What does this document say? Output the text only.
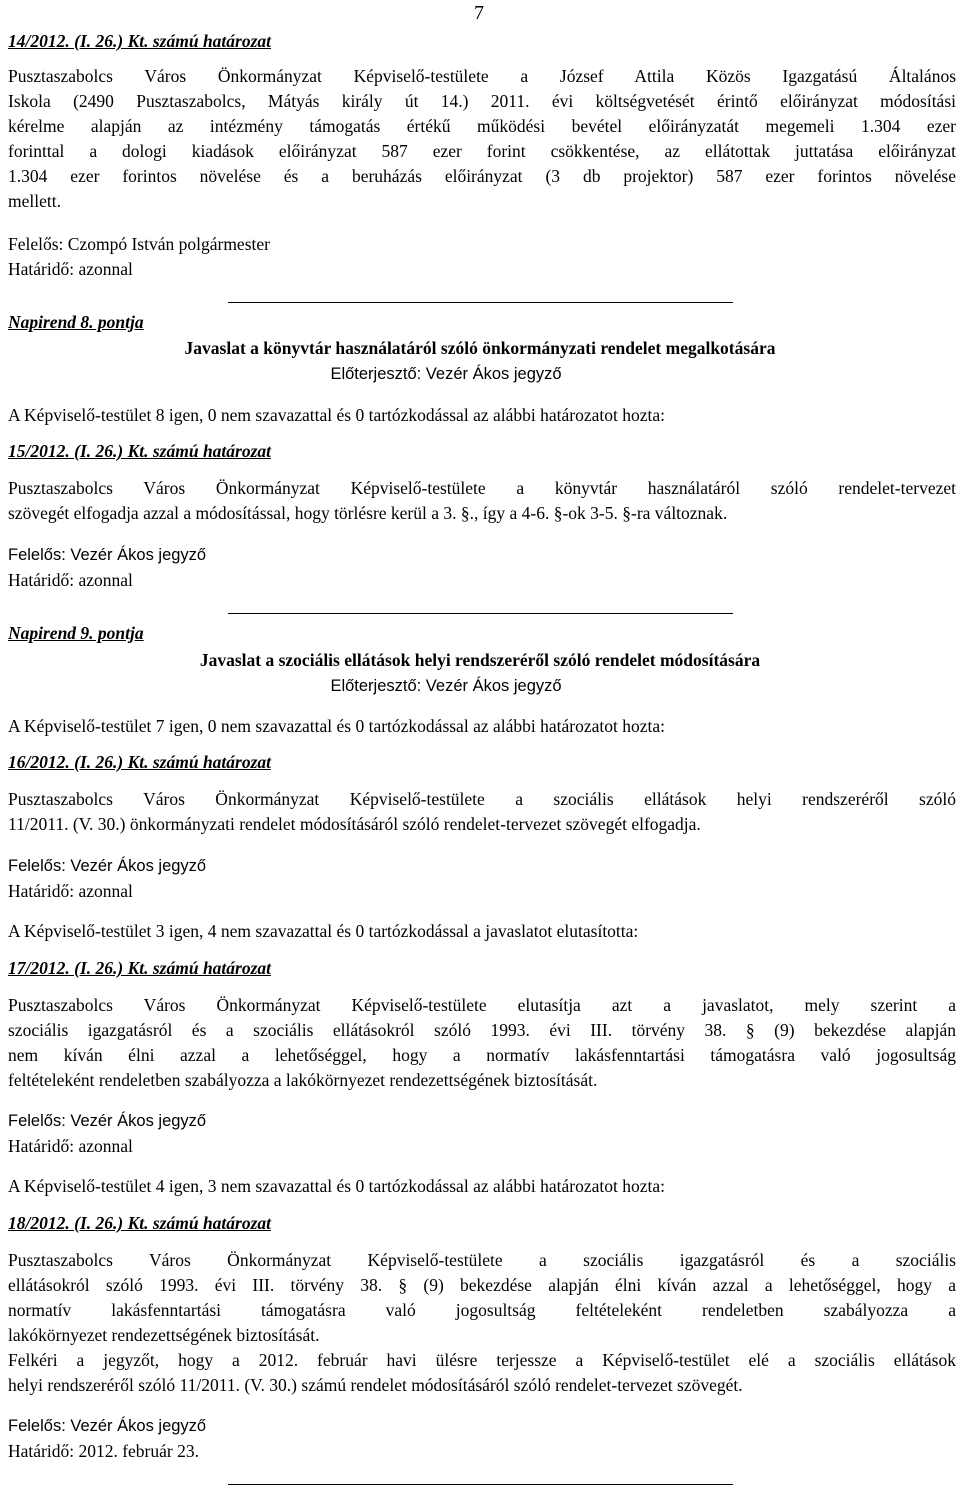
7
14/2012. (I. 26.) Kt. számú határozat
Pusztaszabolcs Város Önkormányzat Képviselő-testülete a József Attila Közös Igazgatású Általános
Iskola (2490 Pusztaszabolcs, Mátyás király út 14.) 2011. évi költségvetését érintő előirányzat módosítási
kérelme alapján az intézmény támogatás értékű működési bevétel előirányzatát megemeli 1.304 ezer
forinttal a dologi kiadások előirányzat 587 ezer forint csökkentése, az ellátottak juttatása előirányzat
1.304 ezer forintos növelése és a beruházás előirányzat (3 db projektor) 587 ezer forintos növelése
mellett.
Felelős: Czompó István polgármester
Határidő: azonnal
Napirend 8. pontja
Javaslat a könyvtár használatáról szóló önkormányzati rendelet megalkotására
Előterjesztő: Vezér Ákos jegyző
A Képviselő-testület 8 igen, 0 nem szavazattal és 0 tartózkodással az alábbi határozatot hozta:
15/2012. (I. 26.) Kt. számú határozat
Pusztaszabolcs Város Önkormányzat Képviselő-testülete a könyvtár használatáról szóló rendelet-tervezet
szövegét elfogadja azzal a módosítással, hogy törlésre kerül a 3. §., így a 4-6. §-ok 3-5. §-ra változnak.
Felelős: Vezér Ákos jegyző
Határidő: azonnal
Napirend 9. pontja
Javaslat a szociális ellátások helyi rendszeréről szóló rendelet módosítására
Előterjesztő: Vezér Ákos jegyző
A Képviselő-testület 7 igen, 0 nem szavazattal és 0 tartózkodással az alábbi határozatot hozta:
16/2012. (I. 26.) Kt. számú határozat
Pusztaszabolcs Város Önkormányzat Képviselő-testülete a szociális ellátások helyi rendszeréről szóló
11/2011. (V. 30.) önkormányzati rendelet módosításáról szóló rendelet-tervezet szövegét elfogadja.
Felelős: Vezér Ákos jegyző
Határidő: azonnal
A Képviselő-testület 3 igen, 4 nem szavazattal és 0 tartózkodással a javaslatot elutasította:
17/2012. (I. 26.) Kt. számú határozat
Pusztaszabolcs Város Önkormányzat Képviselő-testülete elutasítja azt a javaslatot, mely szerint a
szociális igazgatásról és a szociális ellátásokról szóló 1993. évi III. törvény 38. § (9) bekezdése alapján
nem kíván élni azzal a lehetőséggel, hogy a normatív lakásfenntartási támogatásra való jogosultság
feltételeként rendeletben szabályozza a lakókörnyezet rendezettségének biztosítását.
Felelős: Vezér Ákos jegyző
Határidő: azonnal
A Képviselő-testület 4 igen, 3 nem szavazattal és 0 tartózkodással az alábbi határozatot hozta:
18/2012. (I. 26.) Kt. számú határozat
Pusztaszabolcs Város Önkormányzat Képviselő-testülete a szociális igazgatásról és a szociális
ellátásokról szóló 1993. évi III. törvény 38. § (9) bekezdése alapján élni kíván azzal a lehetőséggel, hogy a
normatív lakásfenntartási támogatásra való jogosultság feltételeként rendeletben szabályozza a
lakókörnyezet rendezettségének biztosítását.
Felkéri a jegyzőt, hogy a 2012. február havi ülésre terjessze a Képviselő-testület elé a szociális ellátások
helyi rendszeréről szóló 11/2011. (V. 30.) számú rendelet módosításáról szóló rendelet-tervezet szövegét.
Felelős: Vezér Ákos jegyző
Határidő: 2012. február 23.
